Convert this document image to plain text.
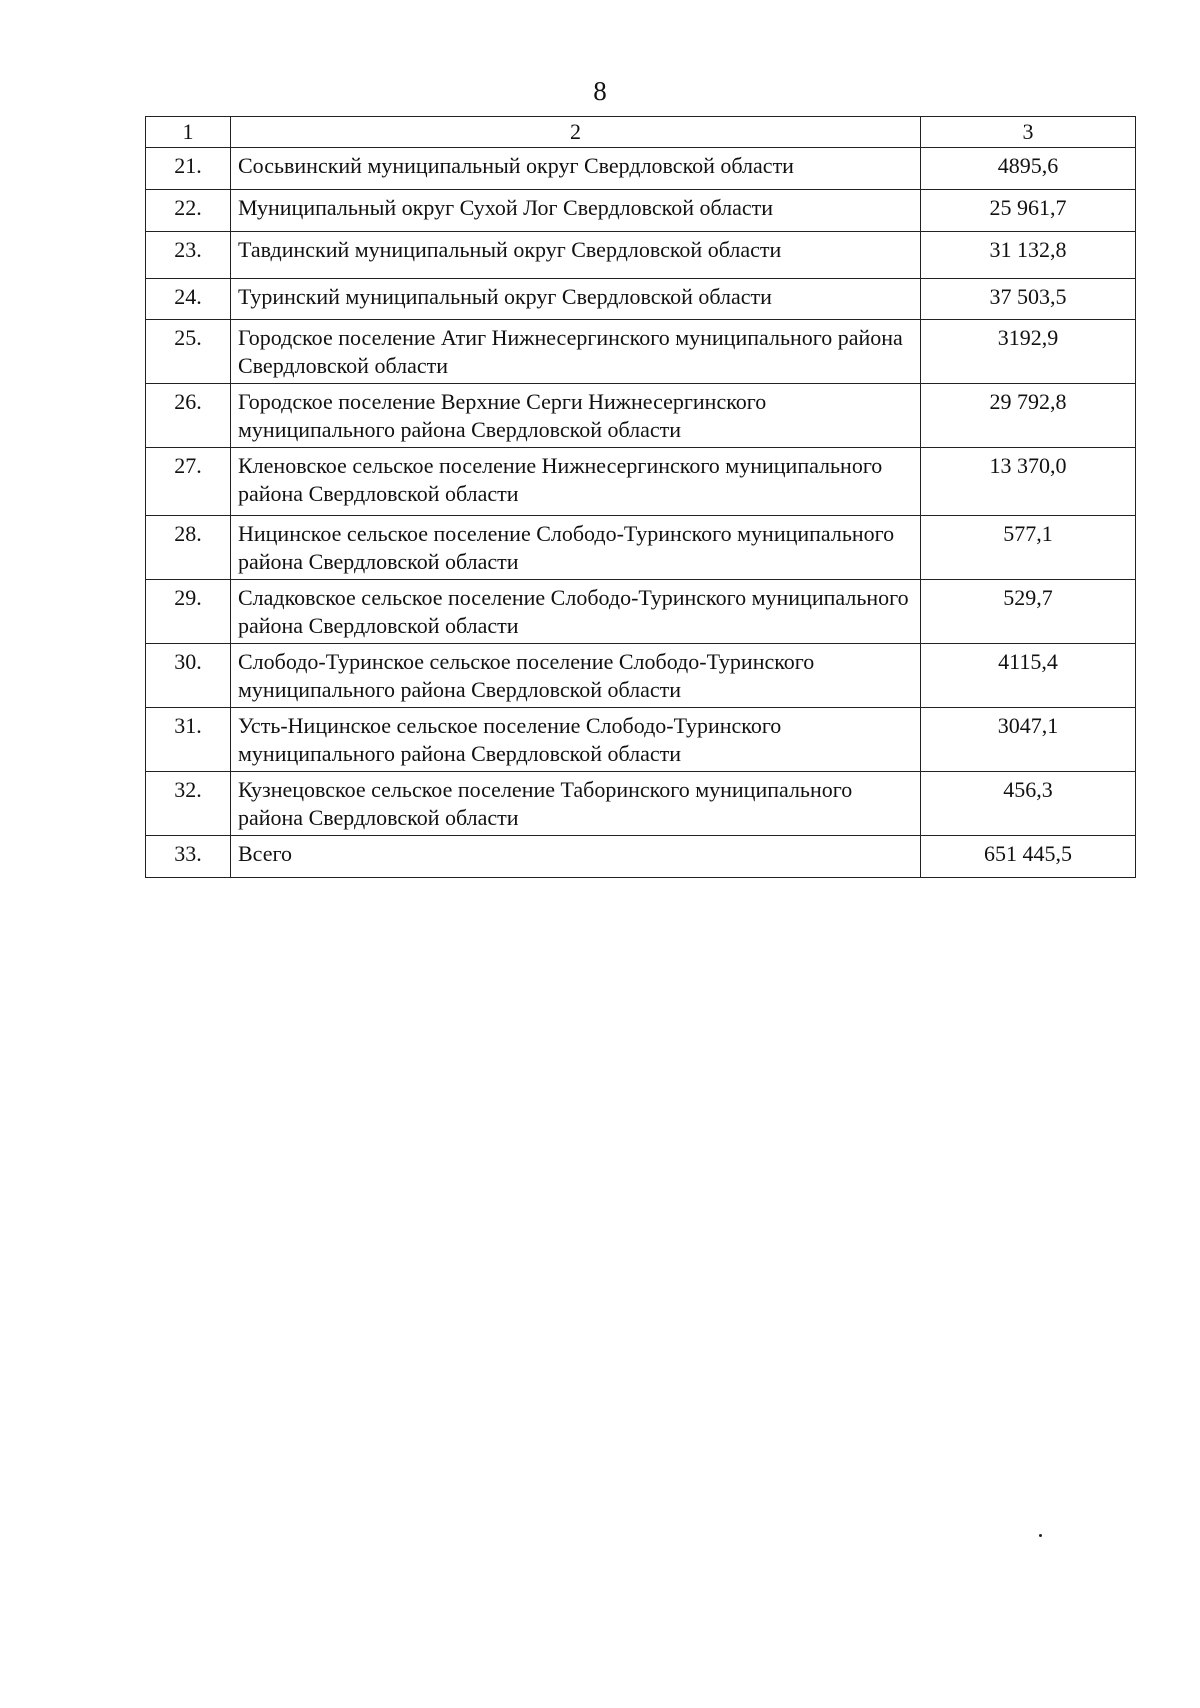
8
1	2	3
21.	Сосьвинский муниципальный округ Свердловской области	4895,6
22.	Муниципальный округ Сухой Лог Свердловской области	25 961,7
23.	Тавдинский муниципальный округ Свердловской области	31 132,8
24.	Туринский муниципальный округ Свердловской области	37 503,5
25.	Городское поселение Атиг Нижнесергинского муниципального района Свердловской области	3192,9
26.	Городское поселение Верхние Серги Нижнесергинского муниципального района Свердловской области	29 792,8
27.	Кленовское сельское поселение Нижнесергинского муниципального района Свердловской области	13 370,0
28.	Ницинское сельское поселение Слободо-Туринского муниципального района Свердловской области	577,1
29.	Сладковское сельское поселение Слободо-Туринского муниципального района Свердловской области	529,7
30.	Слободо-Туринское сельское поселение Слободо-Туринского муниципального района Свердловской области	4115,4
31.	Усть-Ницинское сельское поселение Слободо-Туринского муниципального района Свердловской области	3047,1
32.	Кузнецовское сельское поселение Таборинского муниципального района Свердловской области	456,3
33.	Всего	651 445,5
